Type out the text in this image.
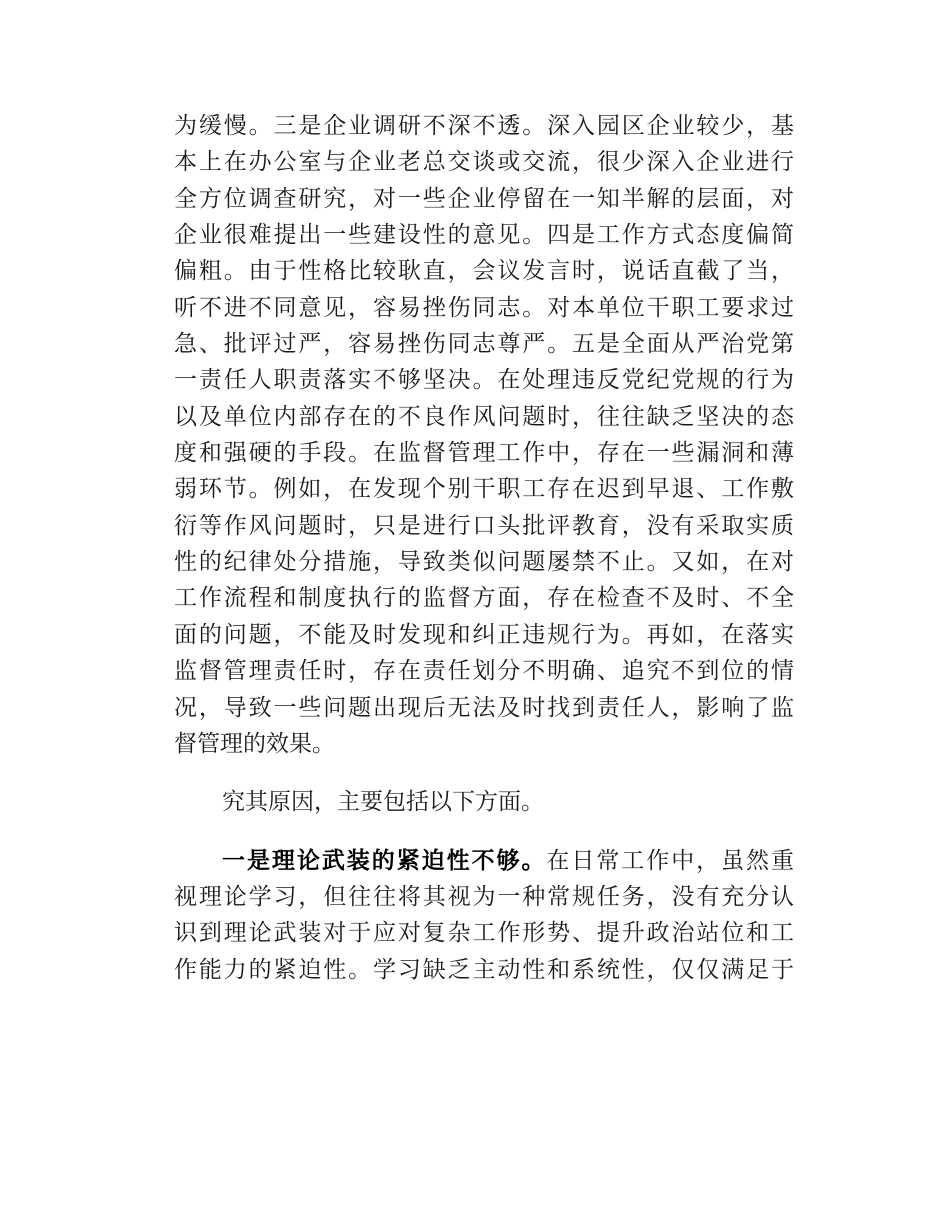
为缓慢。三是企业调研不深不透。深入园区企业较少，基
本上在办公室与企业老总交谈或交流，很少深入企业进行
全方位调查研究，对一些企业停留在一知半解的层面，对
企业很难提出一些建设性的意见。四是工作方式态度偏简
偏粗。由于性格比较耿直，会议发言时，说话直截了当，
听不进不同意见，容易挫伤同志。对本单位干职工要求过
急、批评过严，容易挫伤同志尊严。五是全面从严治党第
一责任人职责落实不够坚决。在处理违反党纪党规的行为
以及单位内部存在的不良作风问题时，往往缺乏坚决的态
度和强硬的手段。在监督管理工作中，存在一些漏洞和薄
弱环节。例如，在发现个别干职工存在迟到早退、工作敷
衍等作风问题时，只是进行口头批评教育，没有采取实质
性的纪律处分措施，导致类似问题屡禁不止。又如，在对
工作流程和制度执行的监督方面，存在检查不及时、不全
面的问题，不能及时发现和纠正违规行为。再如，在落实
监督管理责任时，存在责任划分不明确、追究不到位的情
况，导致一些问题出现后无法及时找到责任人，影响了监
督管理的效果。
究其原因，主要包括以下方面。
一是理论武装的紧迫性不够。在日常工作中，虽然重
视理论学习，但往往将其视为一种常规任务，没有充分认
识到理论武装对于应对复杂工作形势、提升政治站位和工
作能力的紧迫性。学习缺乏主动性和系统性，仅仅满足于
